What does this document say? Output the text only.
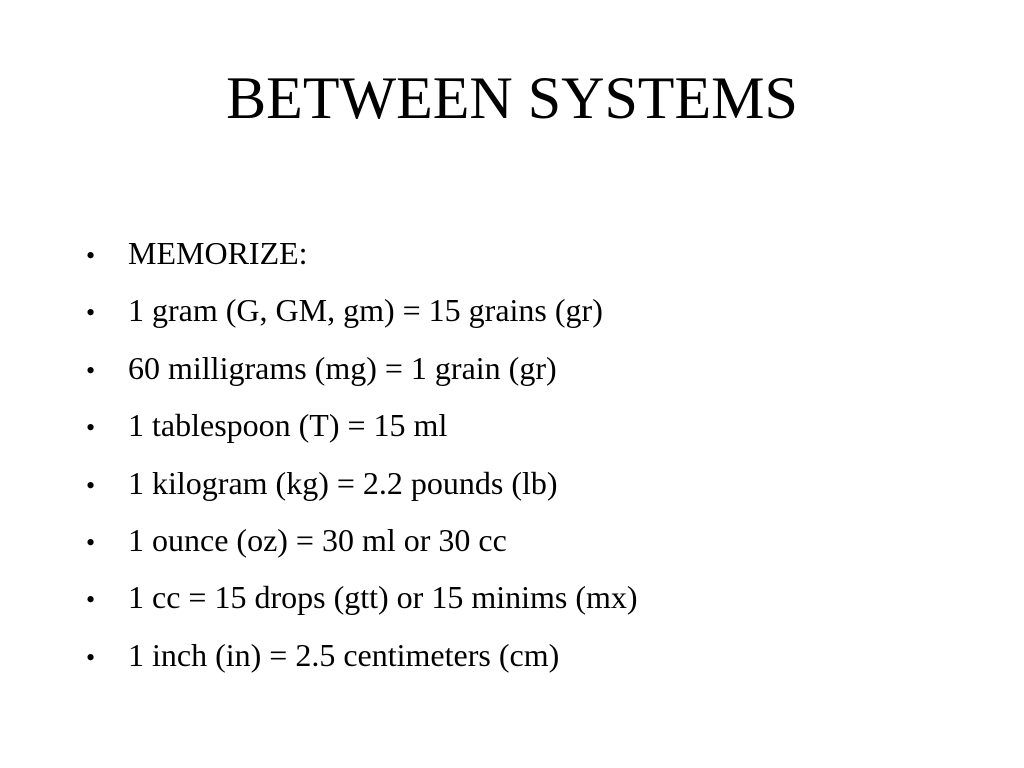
BETWEEN SYSTEMS
•	MEMORIZE:
•	1 gram (G, GM, gm) = 15 grains (gr)
•	60 milligrams (mg) = 1 grain (gr)
•	1 tablespoon (T) = 15 ml
•	1 kilogram (kg) = 2.2 pounds (lb)
•	1 ounce (oz) = 30 ml or 30 cc
•	1 cc = 15 drops (gtt) or 15 minims (mx)
•	1 inch (in) = 2.5 centimeters (cm)
